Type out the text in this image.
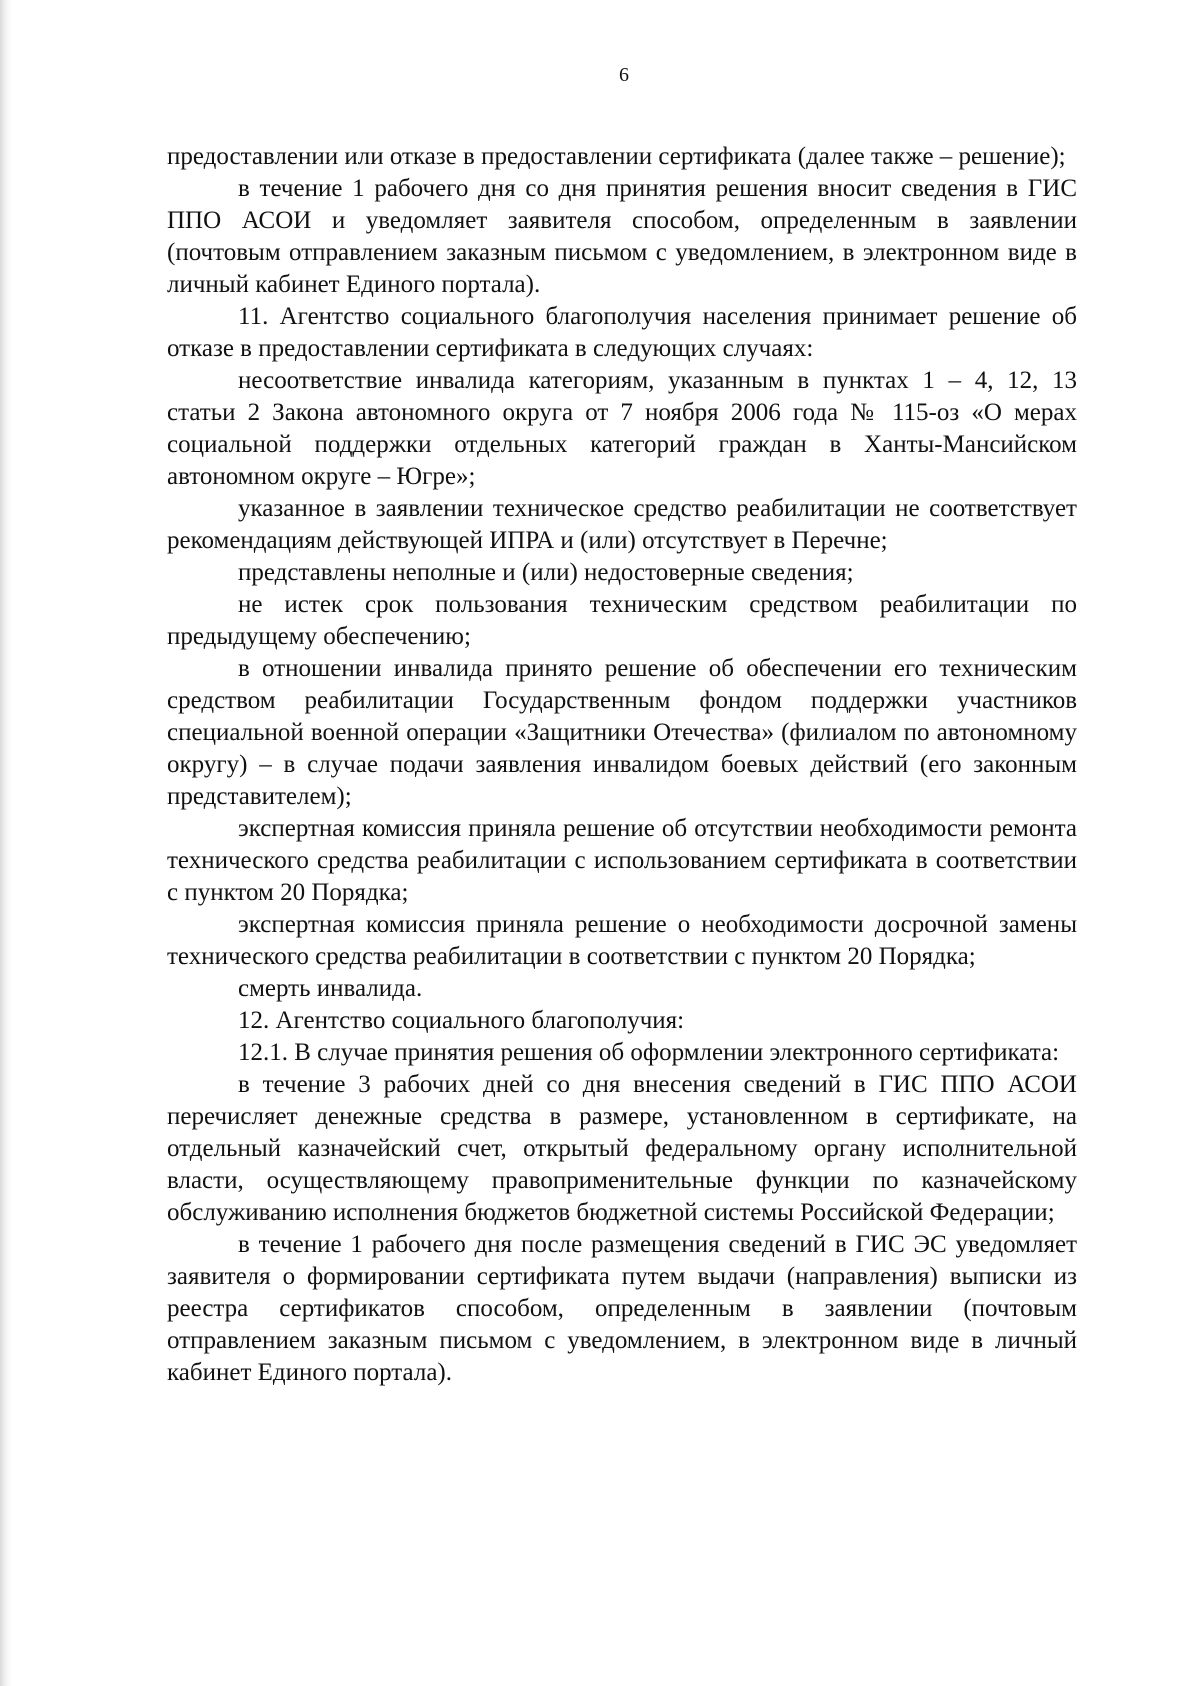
6

предоставлении или отказе в предоставлении сертификата (далее также – решение);

в течение 1 рабочего дня со дня принятия решения вносит сведения в ГИС ППО АСОИ и уведомляет заявителя способом, определенным в заявлении (почтовым отправлением заказным письмом с уведомлением, в электронном виде в личный кабинет Единого портала).

11. Агентство социального благополучия населения принимает решение об отказе в предоставлении сертификата в следующих случаях:

несоответствие инвалида категориям, указанным в пунктах 1 – 4, 12, 13 статьи 2 Закона автономного округа от 7 ноября 2006 года № 115-оз «О мерах социальной поддержки отдельных категорий граждан в Ханты-Мансийском автономном округе – Югре»;

указанное в заявлении техническое средство реабилитации не соответствует рекомендациям действующей ИПРА и (или) отсутствует в Перечне;

представлены неполные и (или) недостоверные сведения;

не истек срок пользования техническим средством реабилитации по предыдущему обеспечению;

в отношении инвалида принято решение об обеспечении его техническим средством реабилитации Государственным фондом поддержки участников специальной военной операции «Защитники Отечества» (филиалом по автономному округу) – в случае подачи заявления инвалидом боевых действий (его законным представителем);

экспертная комиссия приняла решение об отсутствии необходимости ремонта технического средства реабилитации с использованием сертификата в соответствии с пунктом 20 Порядка;

экспертная комиссия приняла решение о необходимости досрочной замены технического средства реабилитации в соответствии с пунктом 20 Порядка;

смерть инвалида.

12. Агентство социального благополучия:

12.1. В случае принятия решения об оформлении электронного сертификата:

в течение 3 рабочих дней со дня внесения сведений в ГИС ППО АСОИ перечисляет денежные средства в размере, установленном в сертификате, на отдельный казначейский счет, открытый федеральному органу исполнительной власти, осуществляющему правоприменительные функции по казначейскому обслуживанию исполнения бюджетов бюджетной системы Российской Федерации;

в течение 1 рабочего дня после размещения сведений в ГИС ЭС уведомляет заявителя о формировании сертификата путем выдачи (направления) выписки из реестра сертификатов способом, определенным в заявлении (почтовым отправлением заказным письмом с уведомлением, в электронном виде в личный кабинет Единого портала).
